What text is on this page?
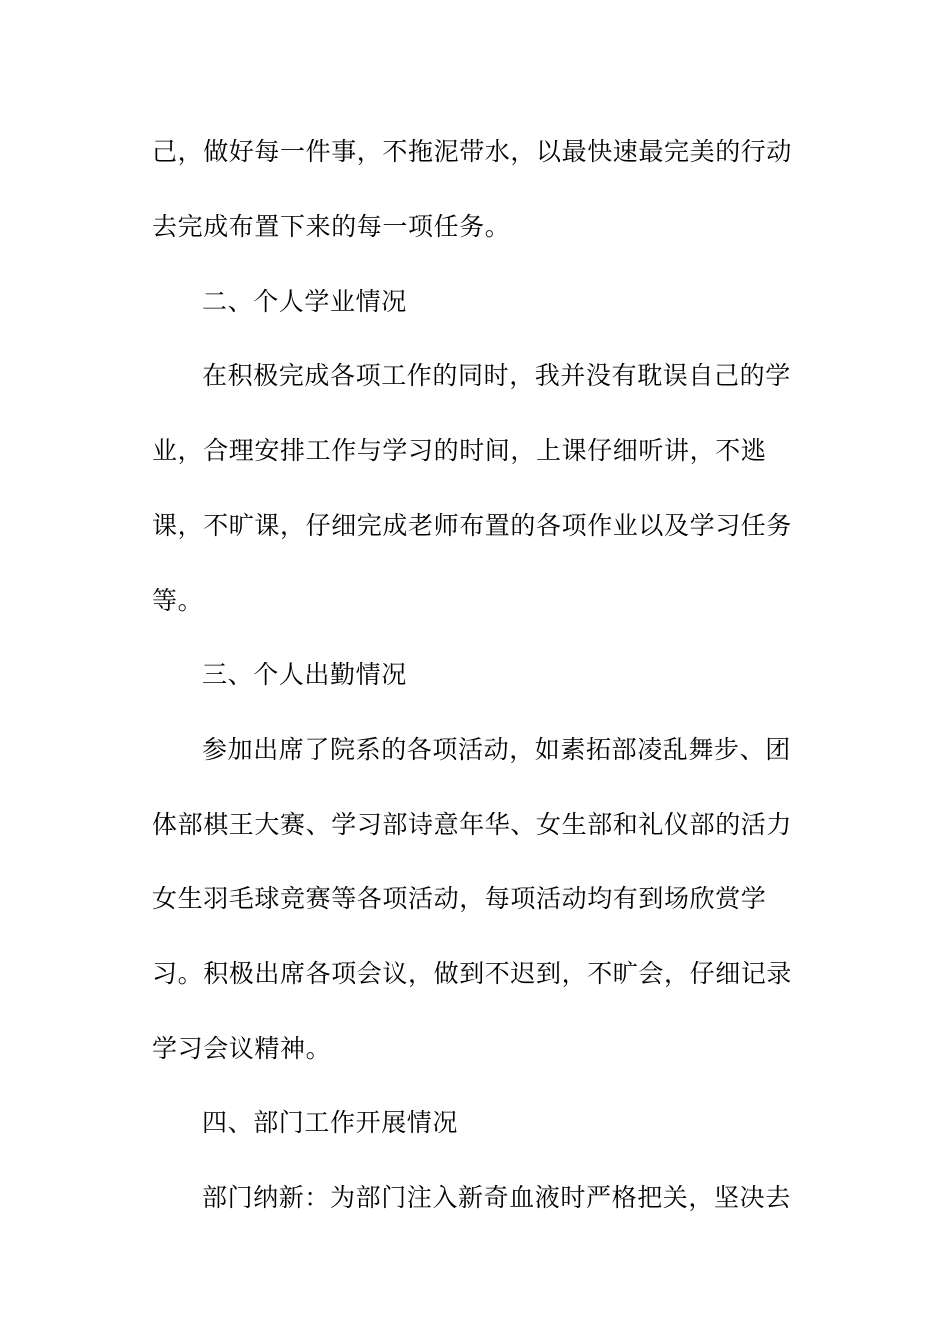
己，做好每一件事，不拖泥带水，以最快速最完美的行动
去完成布置下来的每一项任务。
二、个人学业情况
在积极完成各项工作的同时，我并没有耽误自己的学
业，合理安排工作与学习的时间，上课仔细听讲，不逃
课，不旷课，仔细完成老师布置的各项作业以及学习任务
等。
三、个人出勤情况
参加出席了院系的各项活动，如素拓部凌乱舞步、团
体部棋王大赛、学习部诗意年华、女生部和礼仪部的活力
女生羽毛球竞赛等各项活动，每项活动均有到场欣赏学
习。积极出席各项会议，做到不迟到，不旷会，仔细记录
学习会议精神。
四、部门工作开展情况
部门纳新：为部门注入新奇血液时严格把关，坚决去
